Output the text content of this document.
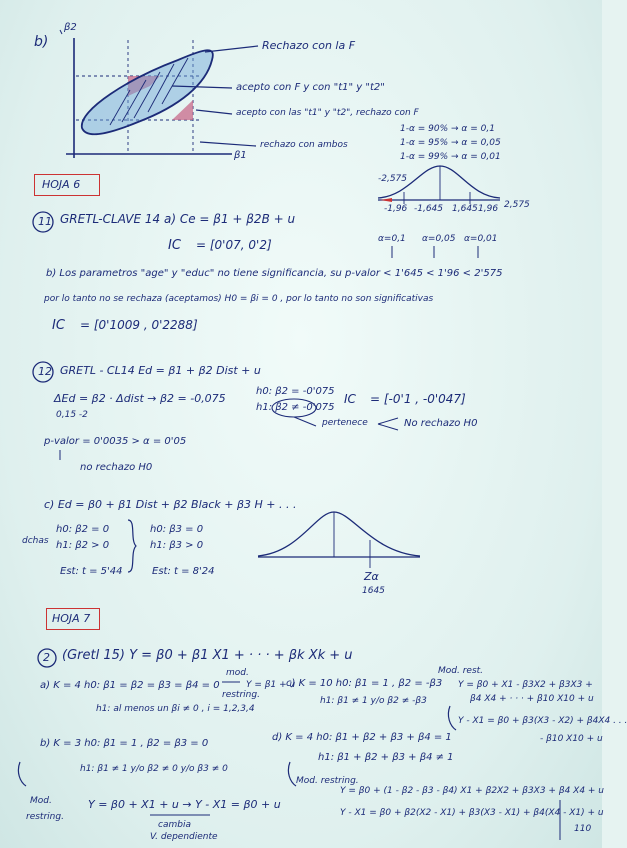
b)
β2
β1
Rechazo con la F
acepto con F y con "t1" y "t2"
acepto con las "t1" y "t2", rechazo con F
rechazo con ambos
1-α = 90% → α = 0,1
1-α = 95% → α = 0,05
1-α = 99% → α = 0,01
-2,575
-1,96 -1,645 1,645 1,96 2,575
α=0,1 α=0,05 α=0,01
HOJA 6
11 GRETL-CLAVE 14 a) Ce = β1 + β2B + u
IC = [0'07, 0'2]
b) Los parametros "age" y "educ" no tiene significancia, su p-valor < 1'645 < 1'96 < 2'575
por lo tanto no se rechaza (aceptamos) H0 = βi = 0 , por lo tanto no son significativas
IC = [0'1009 , 0'2288]
12 GRETL - CL14 Ed = β1 + β2 Dist + u
ΔEd = β2 · Δdist → β2 = -0,075
0,15 -2
h0: β2 = -0'075
h1: β2 ≠ -0'075
IC = [-0'1 , -0'047]
pertenece	No rechazo H0
p-valor = 0'0035 > α = 0'05
no rechazo H0
c) Ed = β0 + β1 Dist + β2 Black + β3 H + . . .
dchas
h0: β2 = 0
h1: β2 > 0
h0: β3 = 0
h1: β3 > 0
Est: t = 5'44	Est: t = 8'24	Zα
1645
HOJA 7
2 (Gretl 15) Y = β0 + β1 X1 + · · · + βk Xk + u
a) K = 4 h0: β1 = β2 = β3 = β4 = 0
mod.
restring.
Y = β1 + u
h1: al menos un βi ≠ 0 , i = 1,2,3,4
c) K = 10 h0: β1 = 1 , β2 = -β3
h1: β1 ≠ 1 y/o β2 ≠ -β3
Mod. rest.
Y = β0 + X1 - β3X2 + β3X3 +
β4 X4 + · · · + β10 X10 + u
Y - X1 = β0 + β3(X3 - X2) + β4X4 . . .
- β10 X10 + u
b) K = 3 h0: β1 = 1 , β2 = β3 = 0
h1: β1 ≠ 1 y/o β2 ≠ 0 y/o β3 ≠ 0
Mod.
restring.
Y = β0 + X1 + u → Y - X1 = β0 + u
cambia
V. dependiente
d) K = 4 h0: β1 + β2 + β3 + β4 = 1
h1: β1 + β2 + β3 + β4 ≠ 1
Mod. restring.
Y = β0 + (1 - β2 - β3 - β4) X1 + β2X2 + β3X3 + β4 X4 + u
Y - X1 = β0 + β2(X2 - X1) + β3(X3 - X1) + β4(X4 - X1) + u
110
